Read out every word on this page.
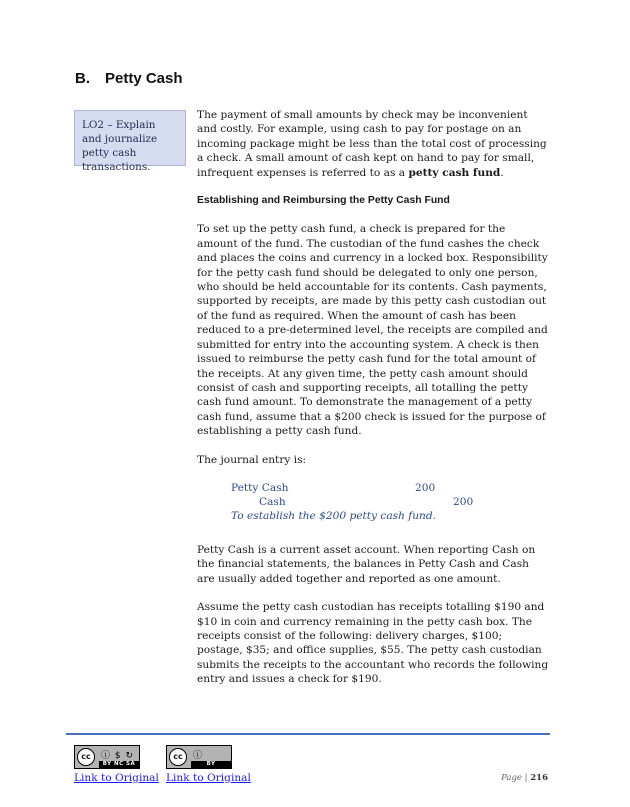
B. Petty Cash
LO2 – Explain and journalize petty cash transactions.

The payment of small amounts by check may be inconvenient and costly. For example, using cash to pay for postage on an incoming package might be less than the total cost of processing a check. A small amount of cash kept on hand to pay for small, infrequent expenses is referred to as a petty cash fund.

Establishing and Reimbursing the Petty Cash Fund

To set up the petty cash fund, a check is prepared for the amount of the fund. The custodian of the fund cashes the check and places the coins and currency in a locked box. Responsibility for the petty cash fund should be delegated to only one person, who should be held accountable for its contents. Cash payments, supported by receipts, are made by this petty cash custodian out of the fund as required. When the amount of cash has been reduced to a pre-determined level, the receipts are compiled and submitted for entry into the accounting system. A check is then issued to reimburse the petty cash fund for the total amount of the receipts. At any given time, the petty cash amount should consist of cash and supporting receipts, all totalling the petty cash fund amount. To demonstrate the management of a petty cash fund, assume that a $200 check is issued for the purpose of establishing a petty cash fund.

The journal entry is:

Petty Cash	200
Cash	200
To establish the $200 petty cash fund.

Petty Cash is a current asset account. When reporting Cash on the financial statements, the balances in Petty Cash and Cash are usually added together and reported as one amount.

Assume the petty cash custodian has receipts totalling $190 and $10 in coin and currency remaining in the petty cash box. The receipts consist of the following: delivery charges, $100; postage, $35; and office supplies, $55. The petty cash custodian submits the receipts to the accountant who records the following entry and issues a check for $190.

cc	ⓘ $ ↻
BY NC SA
cc	ⓘ
BY
Link to Original Link to Original	Page | 216
